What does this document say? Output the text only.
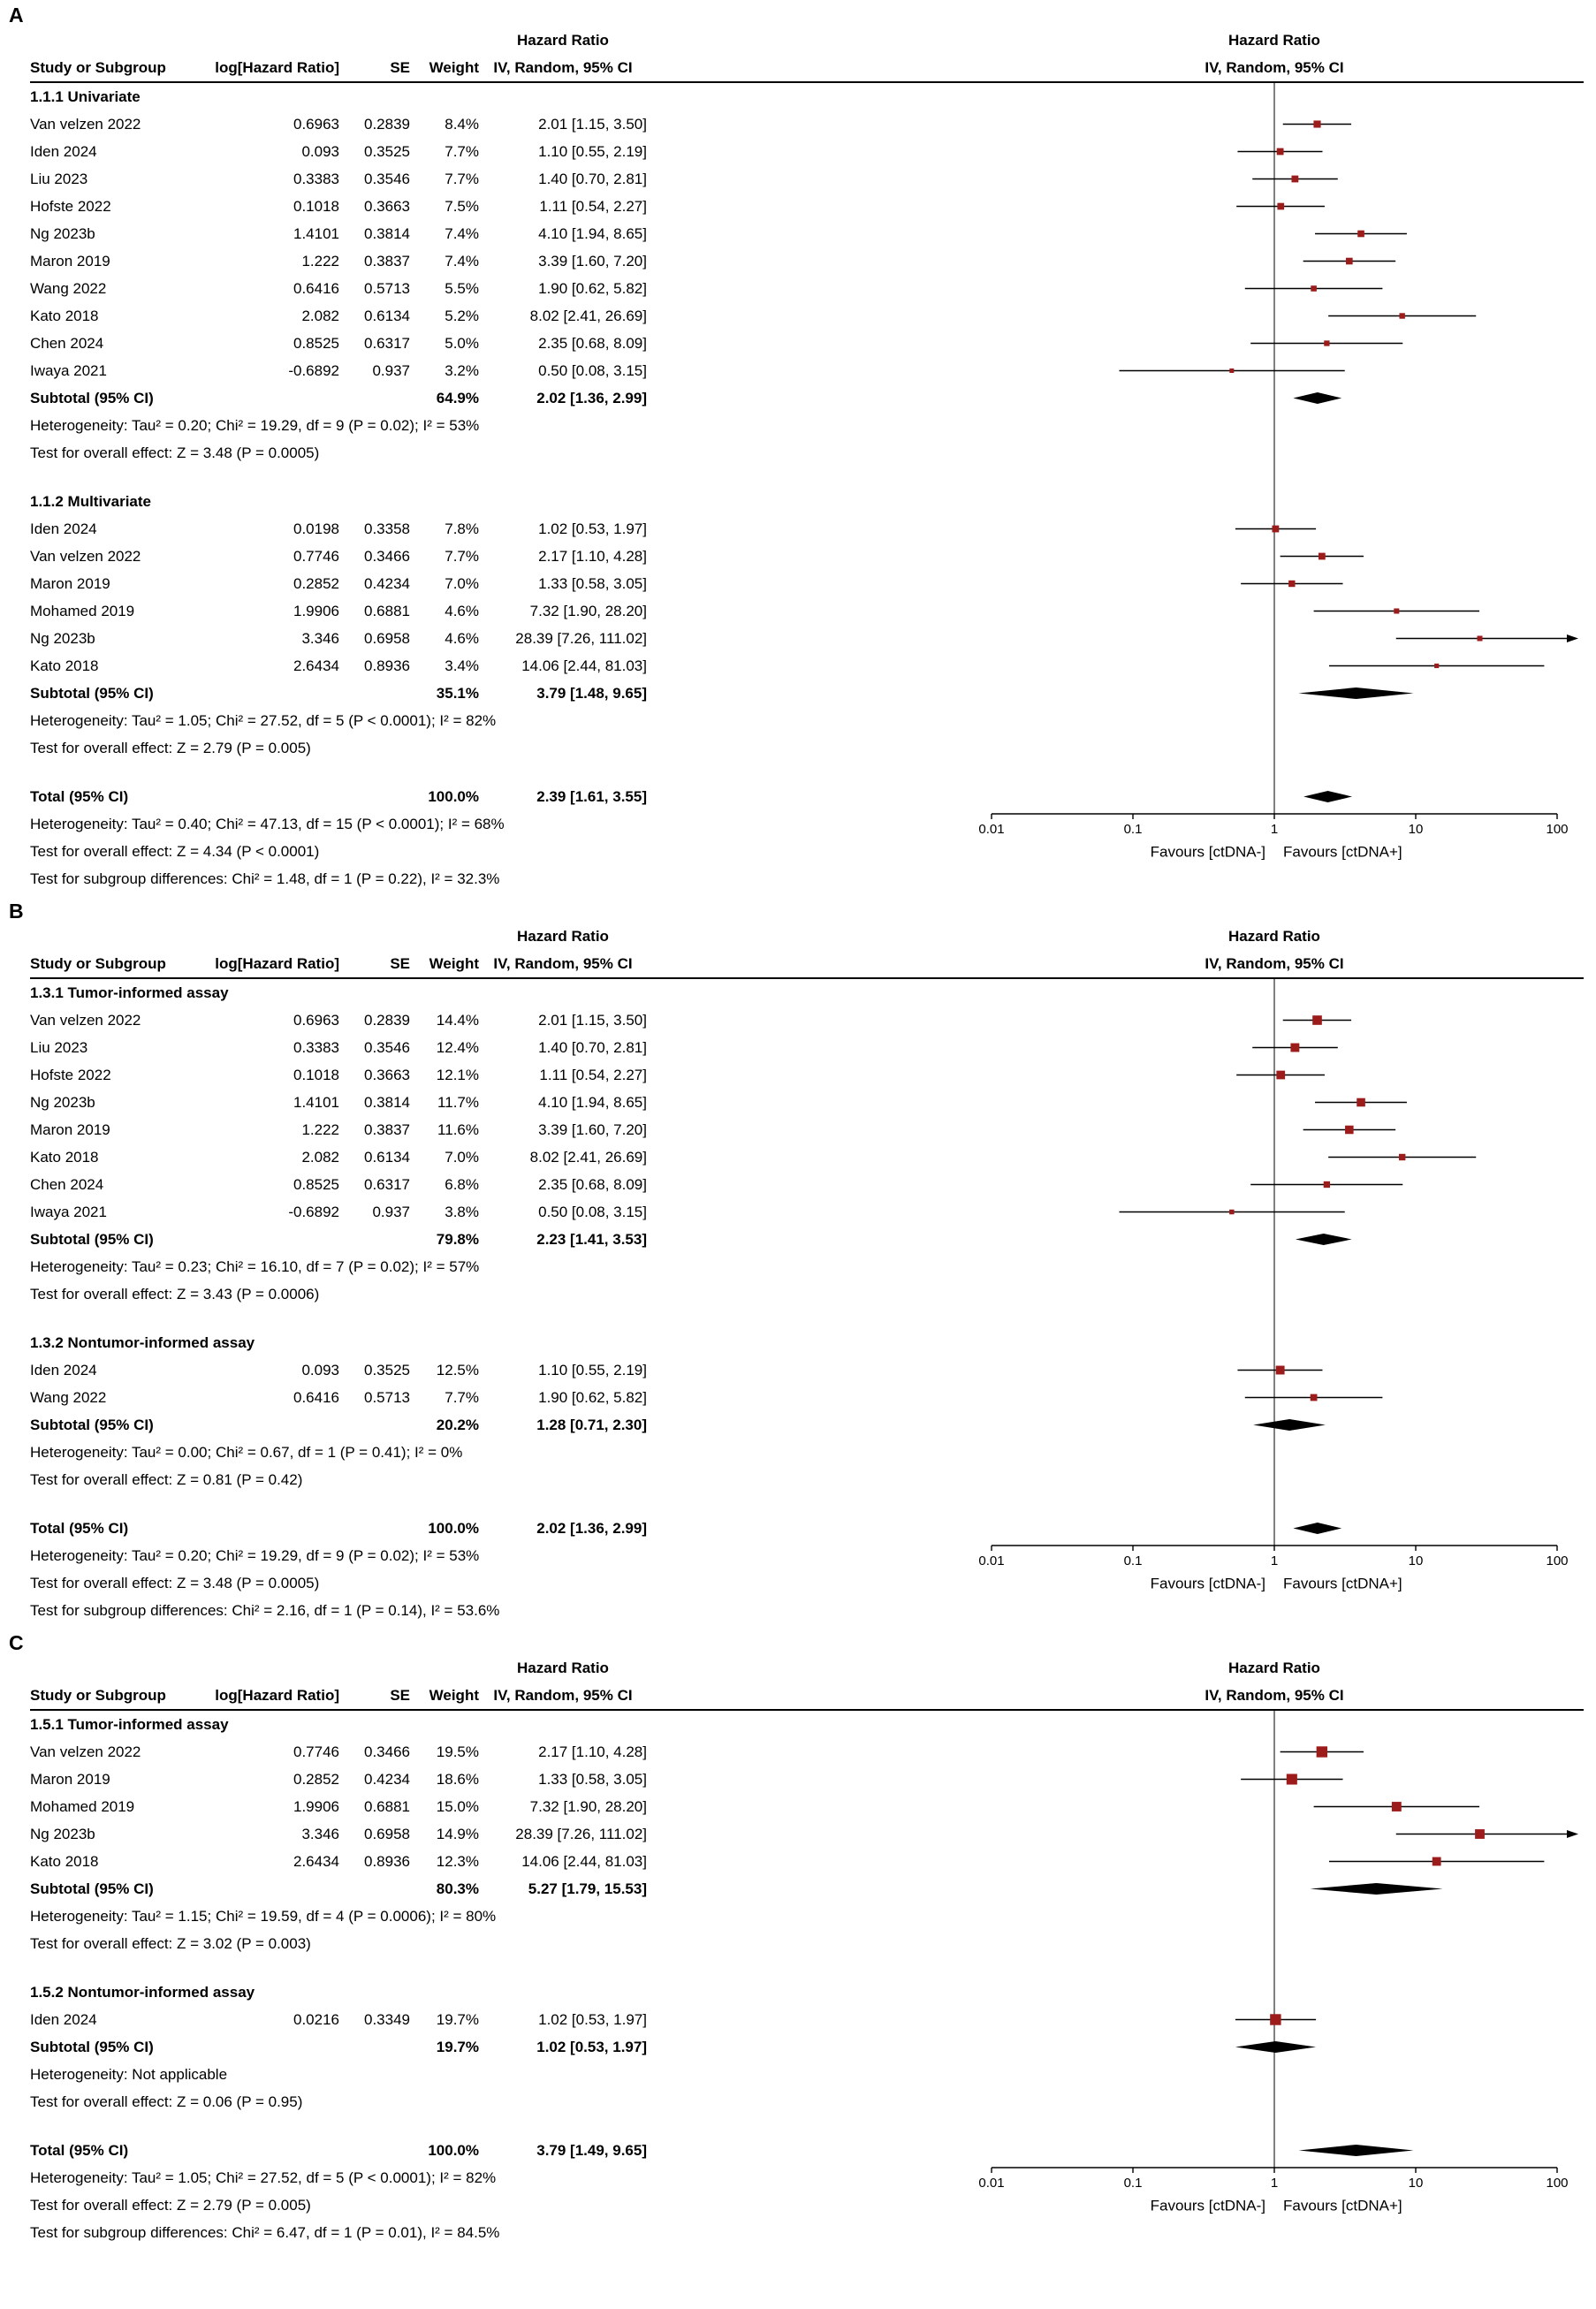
A
Hazard Ratio	Hazard Ratio
Study or Subgroup	log[Hazard Ratio]	SE	Weight IV, Random, 95% CI	IV, Random, 95% CI
1.1.1 Univariate
Van velzen 2022	0.6963	0.2839	8.4%	2.01 [1.15, 3.50]
Iden 2024	0.093	0.3525	7.7%	1.10 [0.55, 2.19]
Liu 2023	0.3383	0.3546	7.7%	1.40 [0.70, 2.81]
Hofste 2022	0.1018	0.3663	7.5%	1.11 [0.54, 2.27]
Ng 2023b	1.4101	0.3814	7.4%	4.10 [1.94, 8.65]
Maron 2019	1.222	0.3837	7.4%	3.39 [1.60, 7.20]
Wang 2022	0.6416	0.5713	5.5%	1.90 [0.62, 5.82]
Kato 2018	2.082	0.6134	5.2%	8.02 [2.41, 26.69]
Chen 2024	0.8525	0.6317	5.0%	2.35 [0.68, 8.09]
Iwaya 2021	-0.6892	0.937	3.2%	0.50 [0.08, 3.15]
Subtotal (95% CI)	64.9%	2.02 [1.36, 2.99]
Heterogeneity: Tau² = 0.20; Chi² = 19.29, df = 9 (P = 0.02); I² = 53%
Test for overall effect: Z = 3.48 (P = 0.0005)
1.1.2 Multivariate
Iden 2024	0.0198	0.3358	7.8%	1.02 [0.53, 1.97]
Van velzen 2022	0.7746	0.3466	7.7%	2.17 [1.10, 4.28]
Maron 2019	0.2852	0.4234	7.0%	1.33 [0.58, 3.05]
Mohamed 2019	1.9906	0.6881	4.6%	7.32 [1.90, 28.20]
Ng 2023b	3.346	0.6958	4.6%	28.39 [7.26, 111.02]
Kato 2018	2.6434	0.8936	3.4%	14.06 [2.44, 81.03]
Subtotal (95% CI)	35.1%	3.79 [1.48, 9.65]
Heterogeneity: Tau² = 1.05; Chi² = 27.52, df = 5 (P < 0.0001); I² = 82%
Test for overall effect: Z = 2.79 (P = 0.005)
Total (95% CI)	100.0%	2.39 [1.61, 3.55]
Heterogeneity: Tau² = 0.40; Chi² = 47.13, df = 15 (P < 0.0001); I² = 68%	0.01	0.1	1	10	100
Test for overall effect: Z = 4.34 (P < 0.0001)	Favours [ctDNA-] Favours [ctDNA+]
Test for subgroup differences: Chi² = 1.48, df = 1 (P = 0.22), I² = 32.3%
B
Hazard Ratio	Hazard Ratio
Study or Subgroup	log[Hazard Ratio]	SE	Weight IV, Random, 95% CI	IV, Random, 95% CI
1.3.1 Tumor-informed assay
Van velzen 2022	0.6963	0.2839	14.4%	2.01 [1.15, 3.50]
Liu 2023	0.3383	0.3546	12.4%	1.40 [0.70, 2.81]
Hofste 2022	0.1018	0.3663	12.1%	1.11 [0.54, 2.27]
Ng 2023b	1.4101	0.3814	11.7%	4.10 [1.94, 8.65]
Maron 2019	1.222	0.3837	11.6%	3.39 [1.60, 7.20]
Kato 2018	2.082	0.6134	7.0%	8.02 [2.41, 26.69]
Chen 2024	0.8525	0.6317	6.8%	2.35 [0.68, 8.09]
Iwaya 2021	-0.6892	0.937	3.8%	0.50 [0.08, 3.15]
Subtotal (95% CI)	79.8%	2.23 [1.41, 3.53]
Heterogeneity: Tau² = 0.23; Chi² = 16.10, df = 7 (P = 0.02); I² = 57%
Test for overall effect: Z = 3.43 (P = 0.0006)
1.3.2 Nontumor-informed assay
Iden 2024	0.093	0.3525	12.5%	1.10 [0.55, 2.19]
Wang 2022	0.6416	0.5713	7.7%	1.90 [0.62, 5.82]
Subtotal (95% CI)	20.2%	1.28 [0.71, 2.30]
Heterogeneity: Tau² = 0.00; Chi² = 0.67, df = 1 (P = 0.41); I² = 0%
Test for overall effect: Z = 0.81 (P = 0.42)
Total (95% CI)	100.0%	2.02 [1.36, 2.99]
Heterogeneity: Tau² = 0.20; Chi² = 19.29, df = 9 (P = 0.02); I² = 53%	0.01	0.1	1	10	100
Test for overall effect: Z = 3.48 (P = 0.0005)	Favours [ctDNA-] Favours [ctDNA+]
Test for subgroup differences: Chi² = 2.16, df = 1 (P = 0.14), I² = 53.6%
C
Hazard Ratio	Hazard Ratio
Study or Subgroup	log[Hazard Ratio]	SE	Weight IV, Random, 95% CI	IV, Random, 95% CI
1.5.1 Tumor-informed assay
Van velzen 2022	0.7746	0.3466	19.5%	2.17 [1.10, 4.28]
Maron 2019	0.2852	0.4234	18.6%	1.33 [0.58, 3.05]
Mohamed 2019	1.9906	0.6881	15.0%	7.32 [1.90, 28.20]
Ng 2023b	3.346	0.6958	14.9%	28.39 [7.26, 111.02]
Kato 2018	2.6434	0.8936	12.3%	14.06 [2.44, 81.03]
Subtotal (95% CI)	80.3%	5.27 [1.79, 15.53]
Heterogeneity: Tau² = 1.15; Chi² = 19.59, df = 4 (P = 0.0006); I² = 80%
Test for overall effect: Z = 3.02 (P = 0.003)
1.5.2 Nontumor-informed assay
Iden 2024	0.0216	0.3349	19.7%	1.02 [0.53, 1.97]
Subtotal (95% CI)	19.7%	1.02 [0.53, 1.97]
Heterogeneity: Not applicable
Test for overall effect: Z = 0.06 (P = 0.95)
Total (95% CI)	100.0%	3.79 [1.49, 9.65]
Heterogeneity: Tau² = 1.05; Chi² = 27.52, df = 5 (P < 0.0001); I² = 82%	0.01	0.1	1	10	100
Test for overall effect: Z = 2.79 (P = 0.005)	Favours [ctDNA-] Favours [ctDNA+]
Test for subgroup differences: Chi² = 6.47, df = 1 (P = 0.01), I² = 84.5%
